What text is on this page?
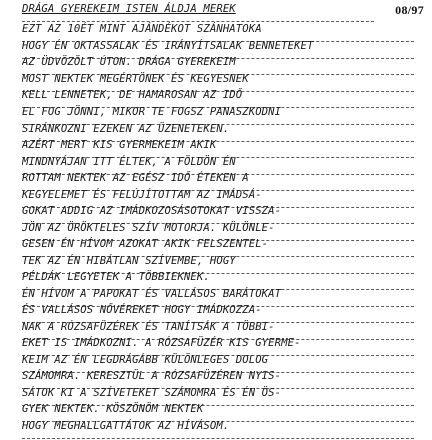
08/97
DRÁGA GYEREKEIM ISTEN ÁLDJA MEREK
EZT AZ 10ÉT MINT AJÁNDÉKOT SZÁNHATOKA
HOGY ÉN OKTASSALAK ÉS IRÁNYÍTSALAK BENNETEKET
AZ ÜDVÖZÖLT ÚTON. DRÁGA GYEREKEIM
MOST NEKTEK MEGÉRTÖNEK ÉS KEGYESNEK
KELL LENNETEK, DE HAMAROSAN AZ IDŐ
EL FOG JÖNNI, MIKOR TE FOGSZ PANASZKODNI
SIRÁNKOZNI EZEKEN AZ ÜZENETEKEN.
AZÉRT MERT KIS GYERMEKEIM AKIK
MINDNYÁJAN ITT ÉLTEK, A FÖLDÖN ÉN
ROTTAM NEKTEK AZ EGÉSZ IDŐ ÉTEKEN A
KEGYELEMET ÉS FELÚJÍTOTTAM AZ IMÁDSÁ-
GOKAT ADDIG AZ IMÁDKOZOSÁSOTOKAT VISSZA-
JÖN AZ ÖRÖKTELES SZÍV MOTORJA. KÜLÖNLE-
GESEN ÉN HÍVOM AZOKAT AKIK FELSZENTEL-
TEK AZ ÉN HIBÁTLAN SZÍVEMBE, HOGY
PÉLDÁK LEGYETEK A TÖBBIEKNEK.
ÉN HÍVOM A PAPOKAT ÉS VALLÁSOS BARÁTOKAT
ÉS VALLÁSOS NŐVÉREKET HOGY IMÁDKOZZA-
NAK A RÓZSAFÜZÉREK ÉS TANÍTSÁK A TÖBBI-
EKET IS IMÁDKOZNI. A RÓZSAFÜZÉR KIS GYERME-
KEIM AZ ÉN LEGDRÁGÁBB KÜLÖNLEGES DOLOG
SZÁMOMRA. KERESZTÜL A RÓZSAFÜZÉREN NYIS-
SÁTOK KI A SZÍVETEKET SZÁMOMRA ÉS ÉN ÖS-
GYEK NEKTEK. KÖSZÖNÖM NEKTEK
HOGY MEGHALLGATTÁTOK AZ HÍVÁSOM.
